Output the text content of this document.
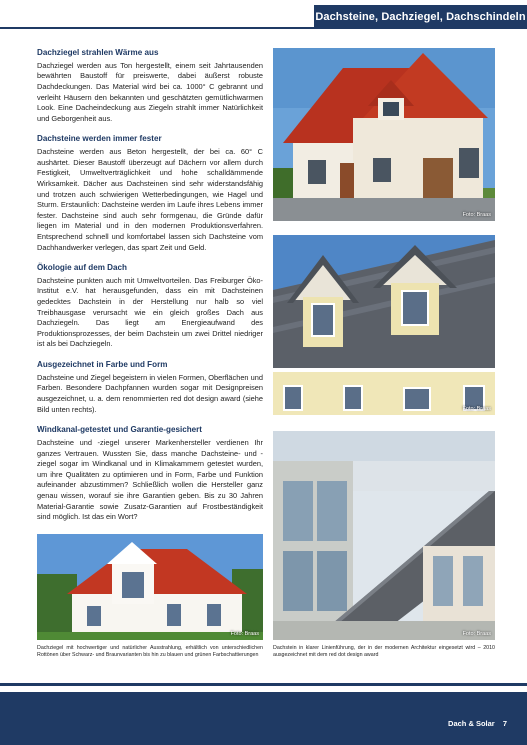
Dachsteine, Dachziegel, Dachschindeln
Dachziegel strahlen Wärme aus

Dachziegel werden aus Ton hergestellt, einem seit Jahrtausenden bewährten Baustoff für preiswerte, dabei äußerst robuste Dachdeckungen. Das Material wird bei ca. 1000° C gebrannt und verleiht Häusern den bekannten und geschätzten gemütlichwarmen Look. Eine Dacheindeckung aus Ziegeln strahlt immer Natürlichkeit und Geborgenheit aus.

Dachsteine werden immer fester

Dachsteine werden aus Beton hergestellt, der bei ca. 60° C aushärtet. Dieser Baustoff überzeugt auf Dächern vor allem durch Festigkeit, Umweltverträglichkeit und hohe schalldämmende Wirksamkeit. Dächer aus Dachsteinen sind sehr widerstandsfähig und trotzen auch schwierigen Wetterbedingungen, wie Hagel und Sturm. Erstaunlich: Dachsteine werden im Laufe ihres Lebens immer fester. Dachsteine sind auch sehr formgenau, die Gründe dafür liegen im Material und in den modernen Produktionsverfahren. Entsprechend schnell und komfortabel lassen sich Dachsteine vom Dachhandwerker verlegen, das spart Zeit und Geld.

Ökologie auf dem Dach

Dachsteine punkten auch mit Umweltvorteilen. Das Freiburger Öko-Institut e.V. hat herausgefunden, dass ein mit Dachsteinen gedecktes Dachstein in der Herstellung nur halb so viel Treibhausgase verursacht wie ein gleich großes Dach aus Dachziegeln. Das liegt am Energieaufwand des Produktionsprozesses, der beim Dachstein um zwei Drittel niedriger ist als bei Dachziegeln.

Ausgezeichnet in Farbe und Form

Dachsteine und Ziegel begeistern in vielen Formen, Oberflächen und Farben. Besondere Dachpfannen wurden sogar mit Designpreisen ausgezeichnet, u. a. dem renommierten red dot design award (siehe Bild unten rechts).

Windkanal-getestet und Garantie-gesichert

Dachsteine und -ziegel unserer Markenhersteller verdienen Ihr ganzes Vertrauen. Wussten Sie, dass manche Dachsteine- und -ziegel sogar im Windkanal und in Klimakammern getestet wurden, um ihre Qualitäten zu optimieren und in Form, Farbe und Funktion aufeinander abzustimmen? Schließlich wollen die Hersteller ganz genau wissen, worauf sie ihre Garantien geben. Bis zu 30 Jahren Material-Garantie sowie Zusatz-Garantien auf Frostbeständigkeit sind möglich. Ist das ein Wort?

Foto: Braas
Foto: Braas
Foto: Braas
Foto: Braas
Dachziegel mit hochwertiger und natürlicher Ausstrahlung, erhältlich von unterschiedlichen Rottönen über Schwarz- und Braunvarianten bis hin zu blauen und grünen Farbschattierungen
Dachstein in klarer Linienführung, der in der modernen Architektur eingesetzt wird – 2010 ausgezeichnet mit dem red dot design award
Dach & Solar 7
